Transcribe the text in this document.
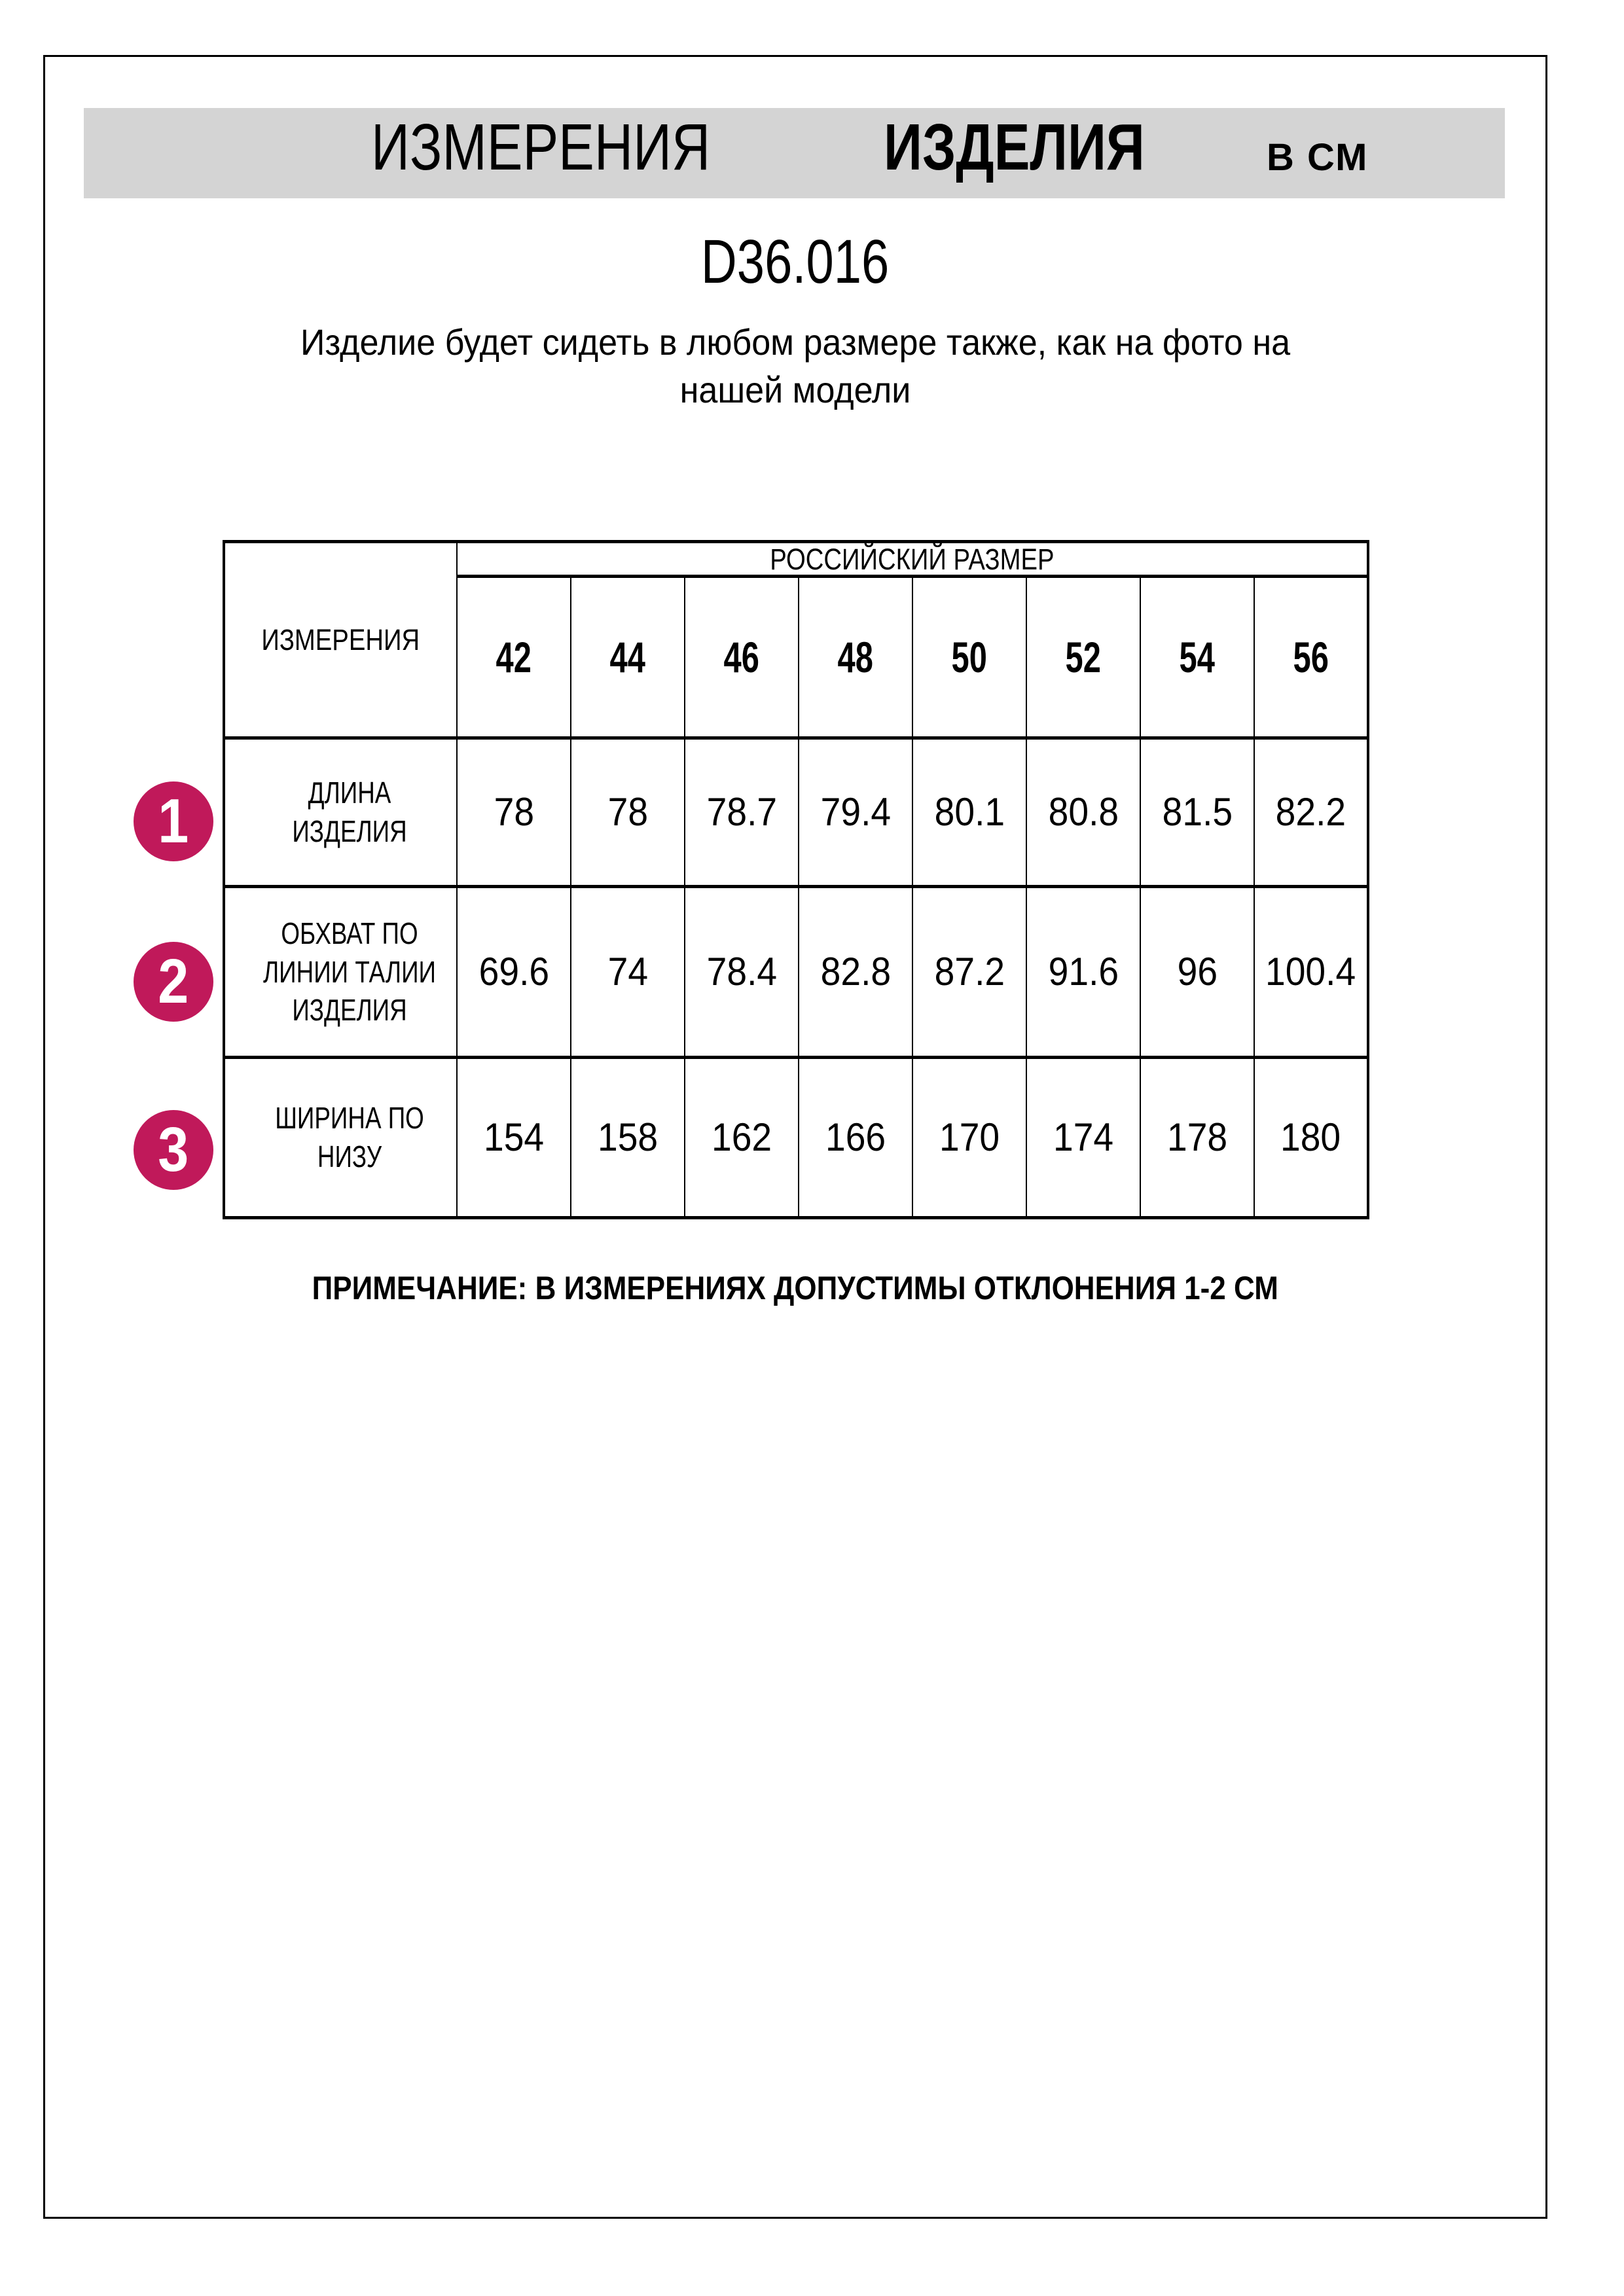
ИЗМЕРЕНИЯ	ИЗДЕЛИЯ	В СМ
D36.016
Изделие будет сидеть в любом размере также, как на фото на
нашей модели
ИЗМЕРЕНИЯ	РОССИЙСКИЙ РАЗМЕР							
	42	44	46	48	50	52	54	56
ДЛИНА ИЗДЕЛИЯ	78	78	78.7	79.4	80.1	80.8	81.5	82.2
ОБХВАТ ПО ЛИНИИ ТАЛИИ ИЗДЕЛИЯ	69.6	74	78.4	82.8	87.2	91.6	96	100.4
ШИРИНА ПО НИЗУ	154	158	162	166	170	174	178	180
1
2
3
ПРИМЕЧАНИЕ: В ИЗМЕРЕНИЯХ ДОПУСТИМЫ ОТКЛОНЕНИЯ 1-2 СМ
